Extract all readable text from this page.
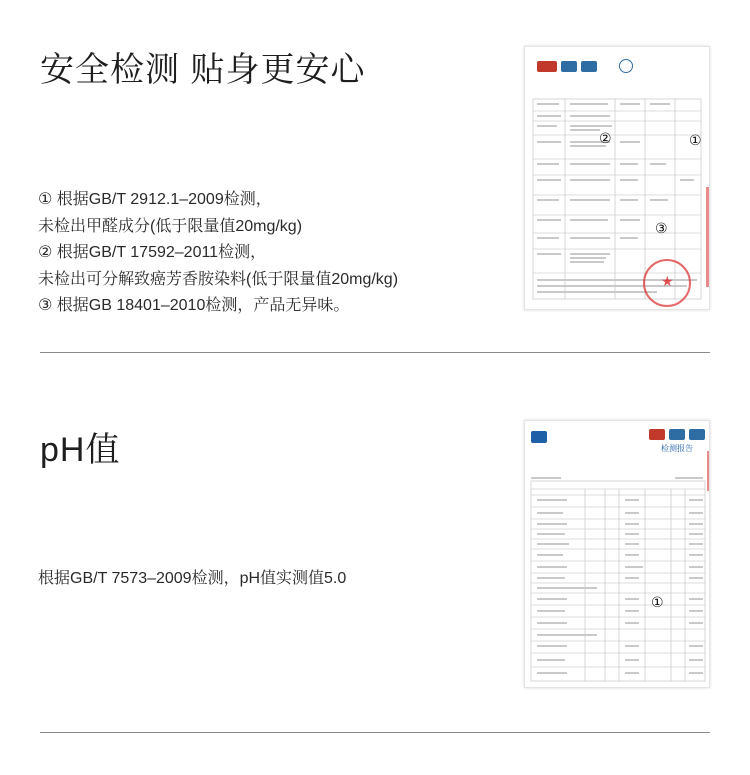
安全检测 贴身更安心
① 根据GB/T 2912.1–2009检测，
未检出甲醛成分(低于限量值20mg/kg)
② 根据GB/T 17592–2011检测，
未检出可分解致癌芳香胺染料(低于限量值20mg/kg)
③ 根据GB 18401–2010检测，产品无异味。
★
①
②
③
pH值
根据GB/T 7573–2009检测，pH值实测值5.0
检测报告
①
